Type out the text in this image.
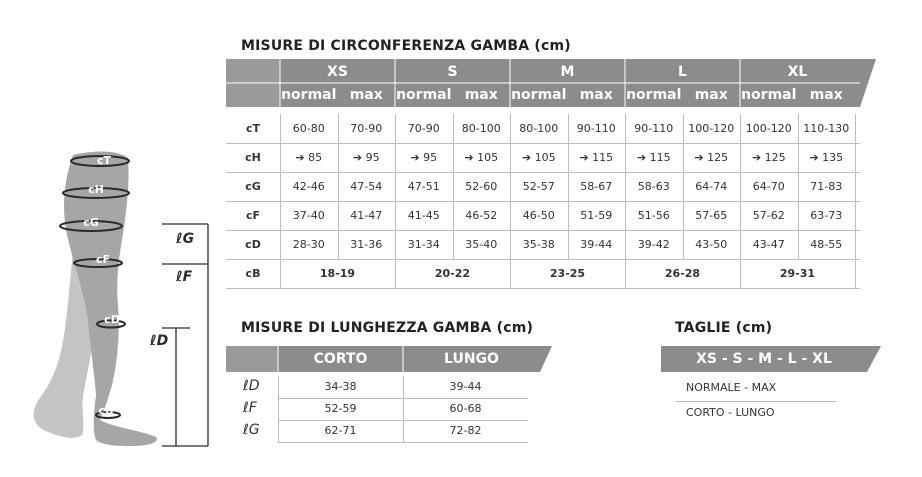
cT
cH
cG
cF
cD
cB
ℓG
ℓF
ℓD
MISURE DI CIRCONFERENZA GAMBA (cm)
XS	S	M	L	XL
normal max normal max normal max normal max normal max
cT	60-80	70-90	70-90	80-100	80-100	90-110	90-110	100-120	100-120	110-130
cH	➔ 85	➔ 95	➔ 95	➔ 105	➔ 105	➔ 115	➔ 115	➔ 125	➔ 125	➔ 135
cG	42-46	47-54	47-51	52-60	52-57	58-67	58-63	64-74	64-70	71-83
cF	37-40	41-47	41-45	46-52	46-50	51-59	51-56	57-65	57-62	63-73
cD	28-30	31-36	31-34	35-40	35-38	39-44	39-42	43-50	43-47	48-55
cB	18-19	20-22	23-25	26-28	29-31
MISURE DI LUNGHEZZA GAMBA (cm)
CORTO	LUNGO
ℓD	34-38	39-44
ℓF	52-59	60-68
ℓG	62-71	72-82
TAGLIE (cm)
XS - S - M - L - XL
NORMALE - MAX
CORTO - LUNGO
